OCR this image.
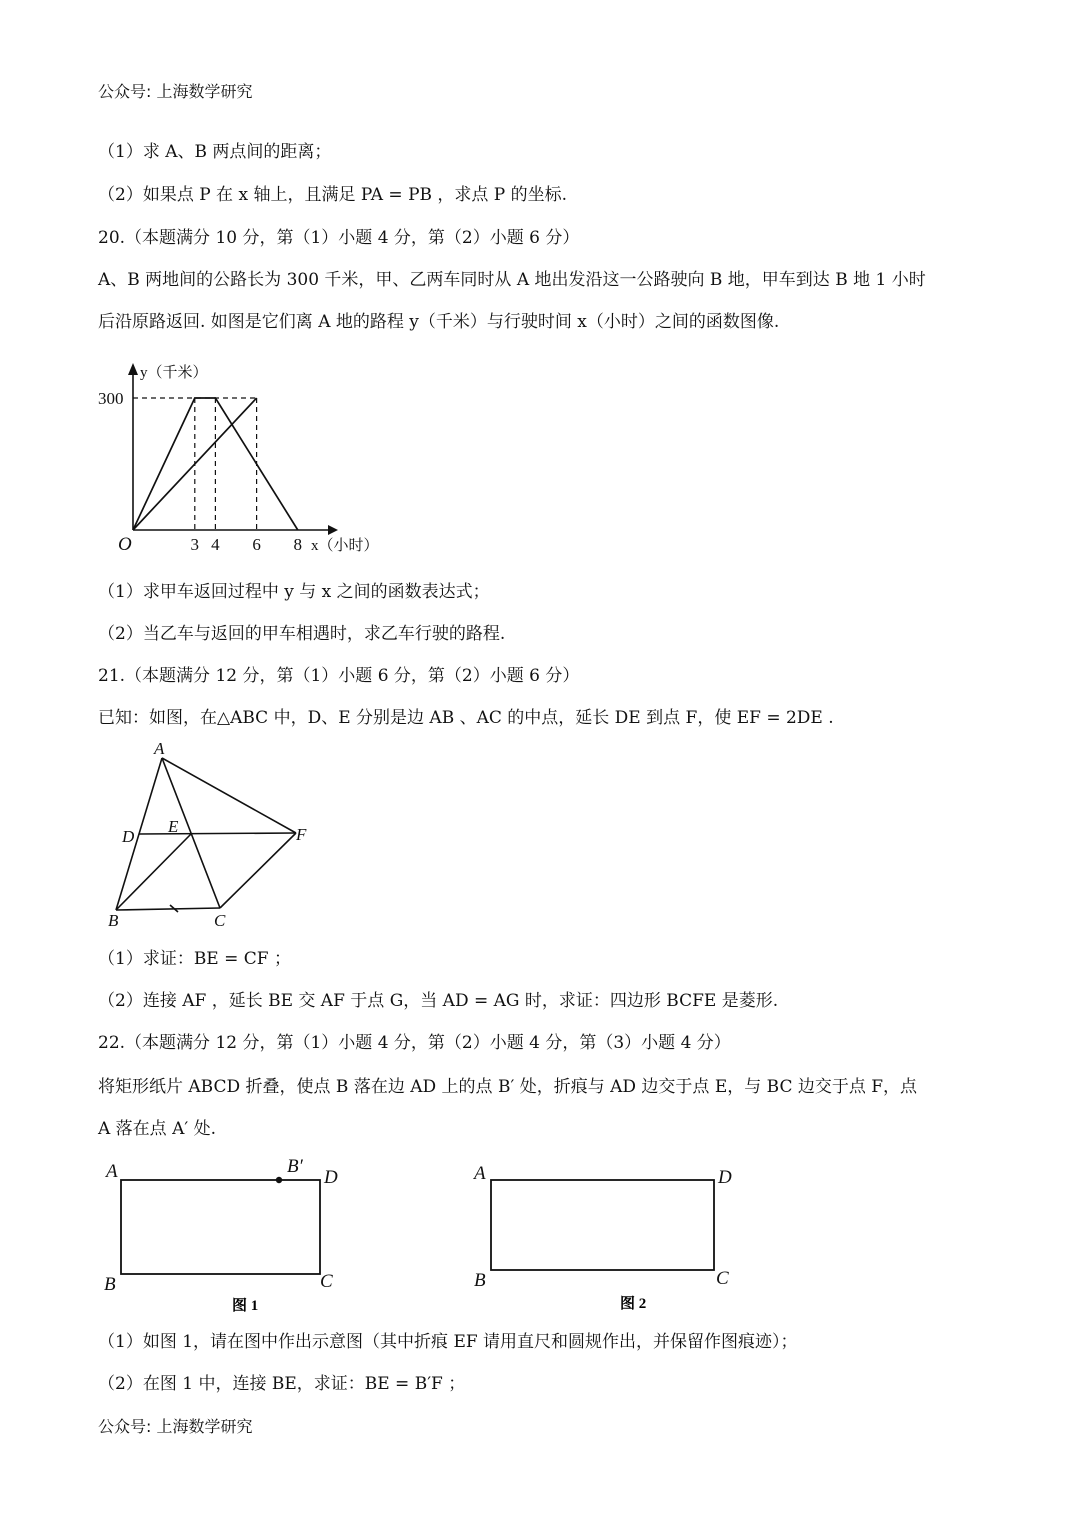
公众号: 上海数学研究
（1）求 A、B 两点间的距离；
（2）如果点 P 在 x 轴上，且满足 PA = PB ，求点 P 的坐标.
20.（本题满分 10 分，第（1）小题 4 分，第（2）小题 6 分）
A、B 两地间的公路长为 300 千米，甲、乙两车同时从 A 地出发沿这一公路驶向 B 地，甲车到达 B 地 1 小时
后沿原路返回. 如图是它们离 A 地的路程 y（千米）与行驶时间 x（小时）之间的函数图像.
300
y（千米）
O	3 4 6 8 x（小时）
（1）求甲车返回过程中 y 与 x 之间的函数表达式；
（2）当乙车与返回的甲车相遇时，求乙车行驶的路程.
21.（本题满分 12 分，第（1）小题 6 分，第（2）小题 6 分）
已知：如图，在△ABC 中，D、E 分别是边 AB 、AC 的中点，延长 DE 到点 F，使 EF = 2DE .
A
D
E	F
B	C
（1）求证：BE = CF ；
（2）连接 AF ，延长 BE 交 AF 于点 G，当 AD = AG 时，求证：四边形 BCFE 是菱形.
22.（本题满分 12 分，第（1）小题 4 分，第（2）小题 4 分，第（3）小题 4 分）
将矩形纸片 ABCD 折叠，使点 B 落在边 AD 上的点 B′ 处，折痕与 AD 边交于点 E，与 BC 边交于点 F，点
A 落在点 A′ 处.
A	B′
D
B	C
图 1
A	D
B	C
图 2
（1）如图 1，请在图中作出示意图（其中折痕 EF 请用直尺和圆规作出，并保留作图痕迹）；
（2）在图 1 中，连接 BE，求证：BE = B′F ；
公众号: 上海数学研究
